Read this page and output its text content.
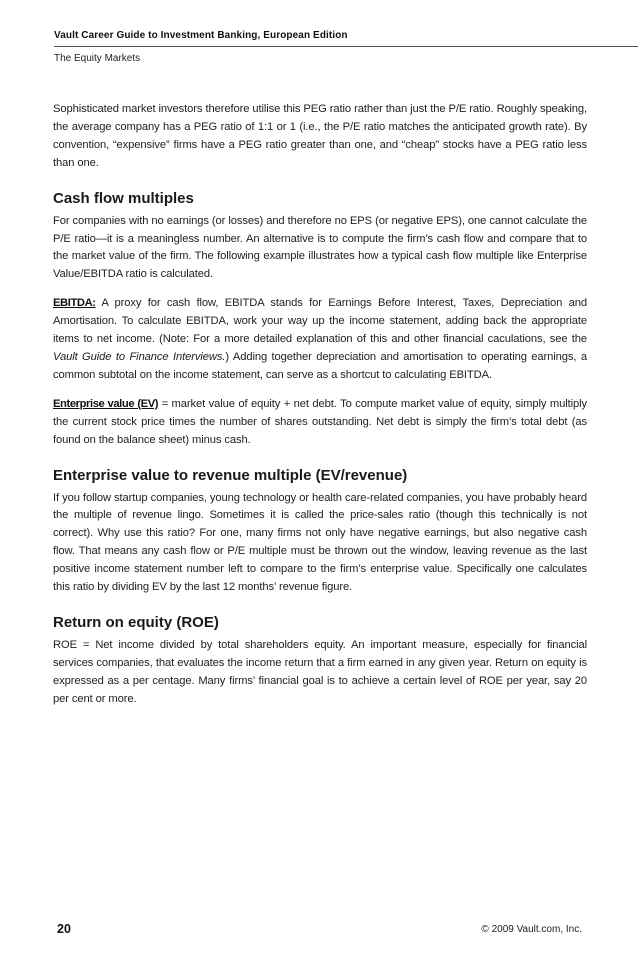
Vault Career Guide to Investment Banking, European Edition
The Equity Markets

Sophisticated market investors therefore utilise this PEG ratio rather than just the P/E ratio. Roughly speaking, the average company has a PEG ratio of 1:1 or 1 (i.e., the P/E ratio matches the anticipated growth rate). By convention, “expensive” firms have a PEG ratio greater than one, and “cheap” stocks have a PEG ratio less than one.

Cash flow multiples

For companies with no earnings (or losses) and therefore no EPS (or negative EPS), one cannot calculate the P/E ratio—it is a meaningless number. An alternative is to compute the firm’s cash flow and compare that to the market value of the firm. The following example illustrates how a typical cash flow multiple like Enterprise Value/EBITDA ratio is calculated.

EBITDA: A proxy for cash flow, EBITDA stands for Earnings Before Interest, Taxes, Depreciation and Amortisation. To calculate EBITDA, work your way up the income statement, adding back the appropriate items to net income. (Note: For a more detailed explanation of this and other financial caculations, see the Vault Guide to Finance Interviews.) Adding together depreciation and amortisation to operating earnings, a common subtotal on the income statement, can serve as a shortcut to calculating EBITDA.

Enterprise value (EV) = market value of equity + net debt. To compute market value of equity, simply multiply the current stock price times the number of shares outstanding. Net debt is simply the firm’s total debt (as found on the balance sheet) minus cash.

Enterprise value to revenue multiple (EV/revenue)

If you follow startup companies, young technology or health care-related companies, you have probably heard the multiple of revenue lingo. Sometimes it is called the price-sales ratio (though this technically is not correct). Why use this ratio? For one, many firms not only have negative earnings, but also negative cash flow. That means any cash flow or P/E multiple must be thrown out the window, leaving revenue as the last positive income statement number left to compare to the firm’s enterprise value. Specifically one calculates this ratio by dividing EV by the last 12 months’ revenue figure.

Return on equity (ROE)

ROE = Net income divided by total shareholders equity. An important measure, especially for financial services companies, that evaluates the income return that a firm earned in any given year. Return on equity is expressed as a per centage. Many firms’ financial goal is to achieve a certain level of ROE per year, say 20 per cent or more.

20	© 2009 Vault.com, Inc.
